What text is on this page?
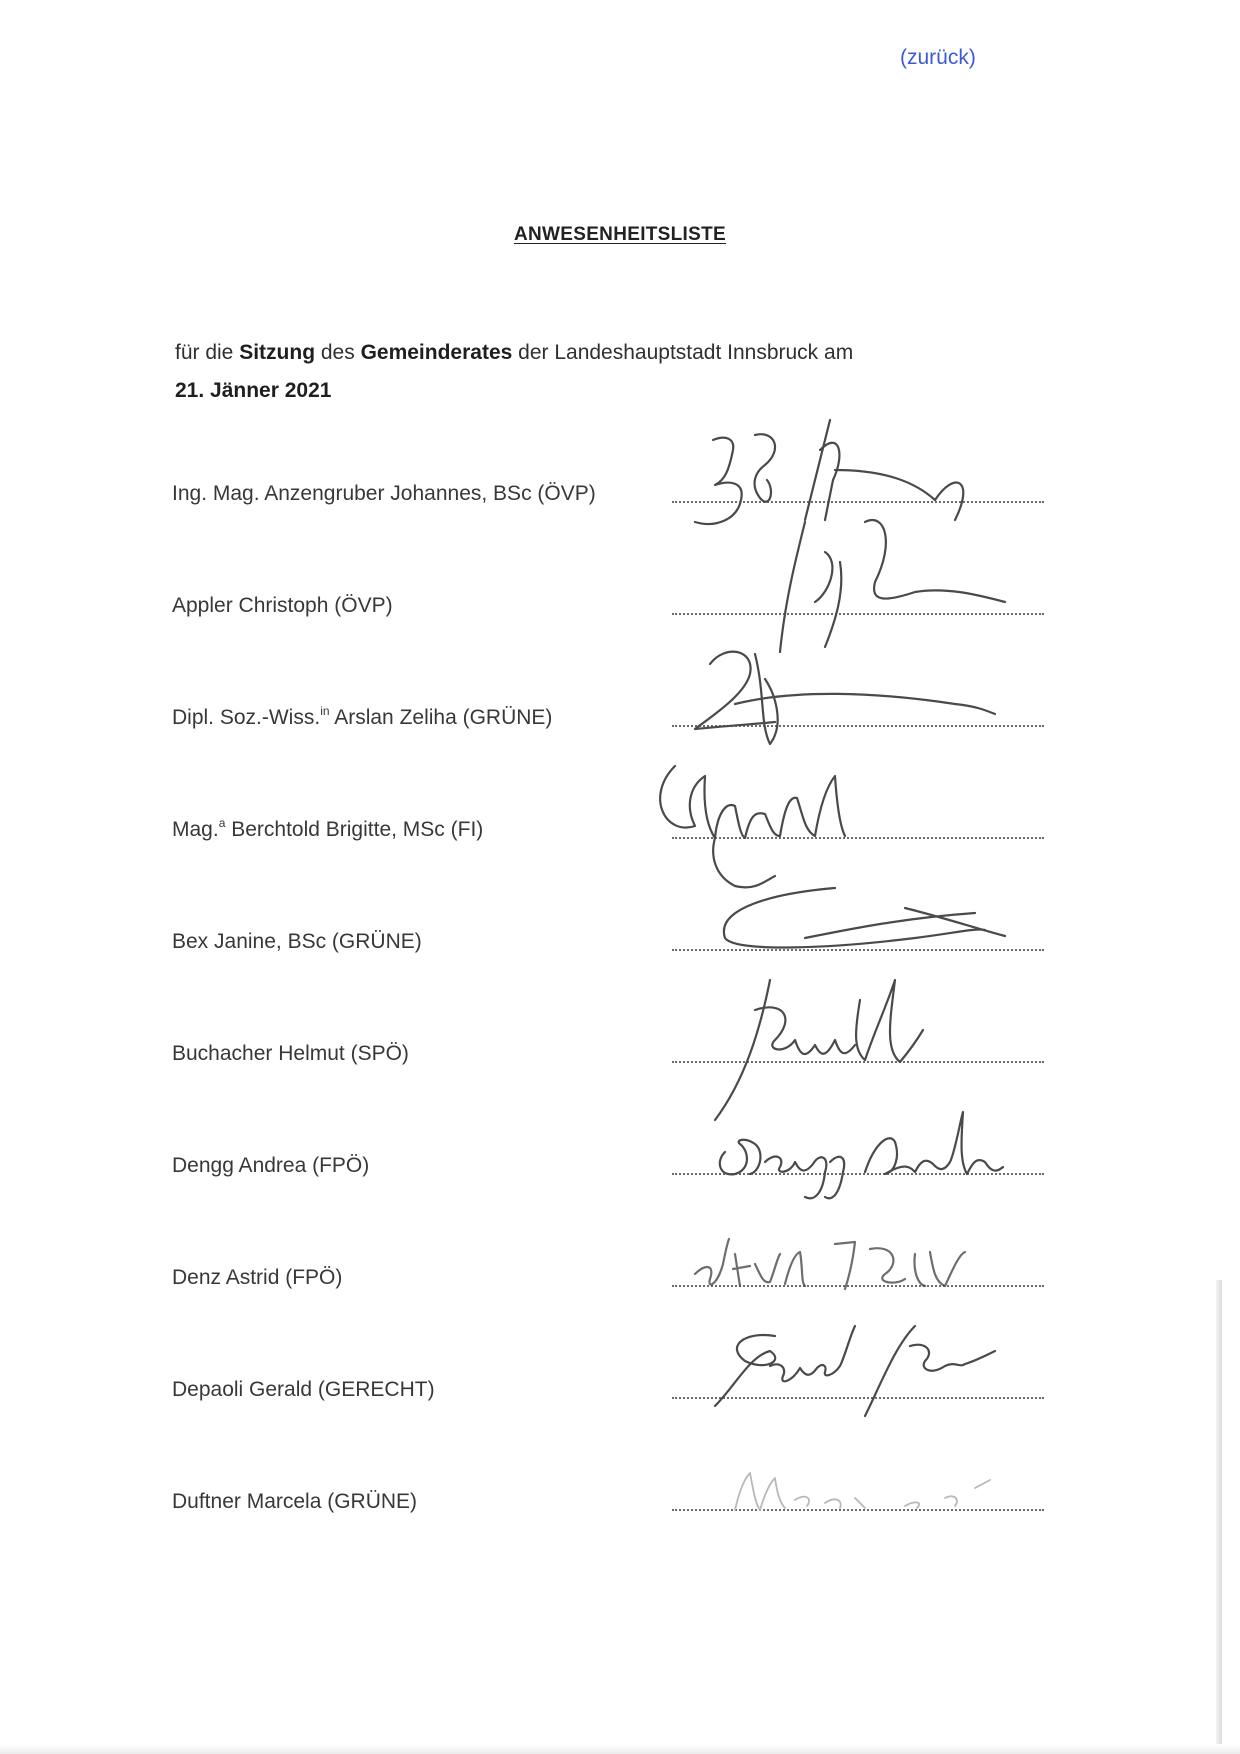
(zurück)
ANWESENHEITSLISTE
für die Sitzung des Gemeinderates der Landeshauptstadt Innsbruck am
21. Jänner 2021
Ing. Mag. Anzengruber Johannes, BSc (ÖVP)
Appler Christoph (ÖVP)
Dipl. Soz.-Wiss.$^{in}$ Arslan Zeliha (GRÜNE)
Mag.$^a$ Berchtold Brigitte, MSc (FI)
Bex Janine, BSc (GRÜNE)
Buchacher Helmut (SPÖ)
Dengg Andrea (FPÖ)
Denz Astrid (FPÖ)
Depaoli Gerald (GERECHT)
Duftner Marcela (GRÜNE)
